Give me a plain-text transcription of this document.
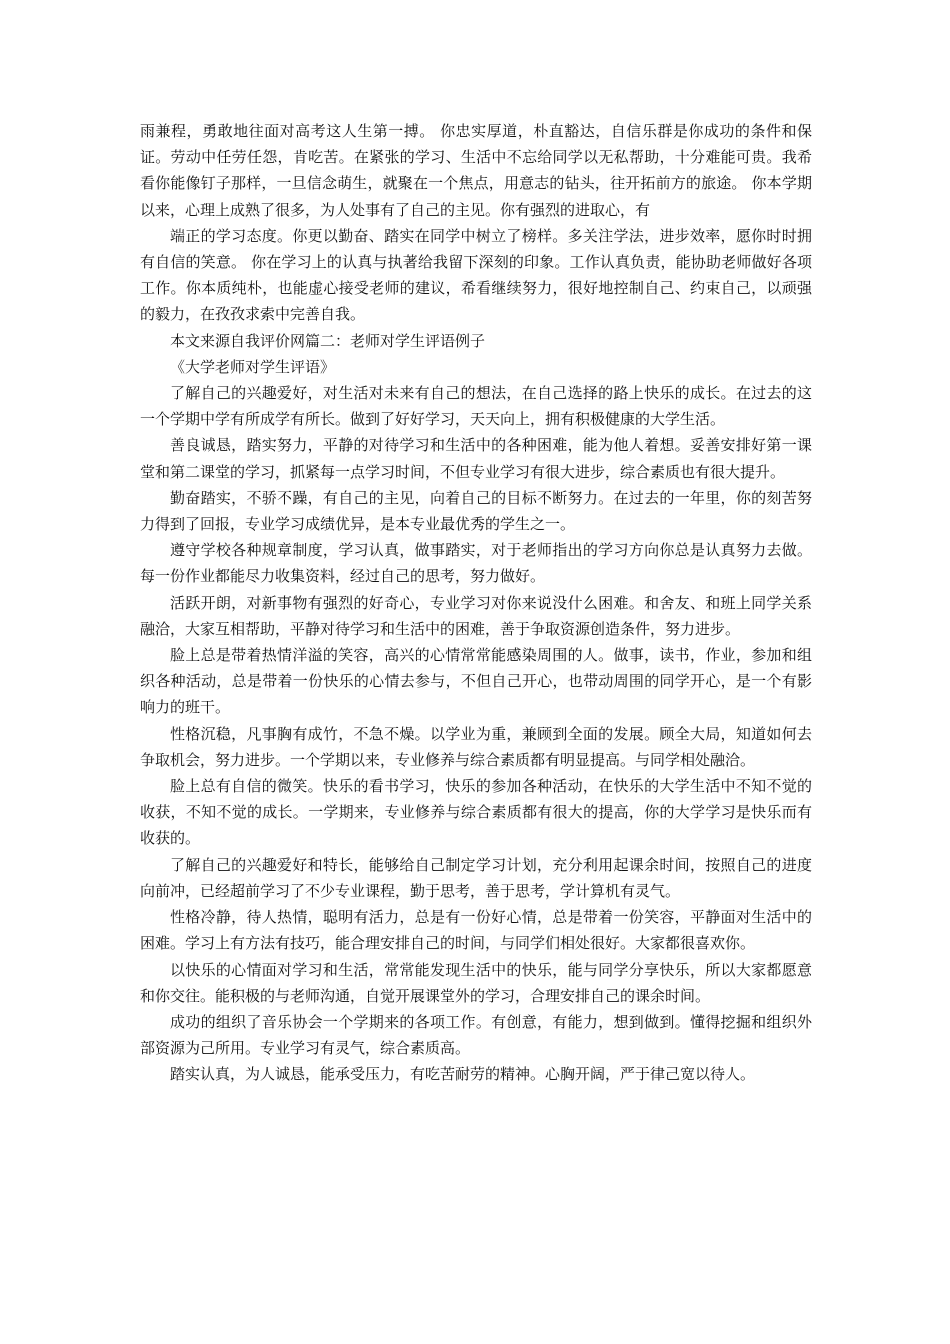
雨兼程，勇敢地往面对高考这人生第一搏。 你忠实厚道，朴直豁达，自信乐群是你成功的条件和保证。劳动中任劳任怨，肯吃苦。在紧张的学习、生活中不忘给同学以无私帮助，十分难能可贵。我希看你能像钉子那样，一旦信念萌生，就聚在一个焦点，用意志的钻头，往开拓前方的旅途。 你本学期以来，心理上成熟了很多，为人处事有了自己的主见。你有强烈的进取心，有

端正的学习态度。你更以勤奋、踏实在同学中树立了榜样。多关注学法，进步效率，愿你时时拥有自信的笑意。 你在学习上的认真与执著给我留下深刻的印象。工作认真负责，能协助老师做好各项工作。你本质纯朴，也能虚心接受老师的建议，希看继续努力，很好地控制自己、约束自己，以顽强的毅力，在孜孜求索中完善自我。

本文来源自我评价网篇二：老师对学生评语例子

《大学老师对学生评语》

了解自己的兴趣爱好，对生活对未来有自己的想法，在自己选择的路上快乐的成长。在过去的这一个学期中学有所成学有所长。做到了好好学习，天天向上，拥有积极健康的大学生活。

善良诚恳，踏实努力，平静的对待学习和生活中的各种困难，能为他人着想。妥善安排好第一课堂和第二课堂的学习，抓紧每一点学习时间，不但专业学习有很大进步，综合素质也有很大提升。

勤奋踏实，不骄不躁，有自己的主见，向着自己的目标不断努力。在过去的一年里，你的刻苦努力得到了回报，专业学习成绩优异，是本专业最优秀的学生之一。

遵守学校各种规章制度，学习认真，做事踏实，对于老师指出的学习方向你总是认真努力去做。每一份作业都能尽力收集资料，经过自己的思考，努力做好。

活跃开朗，对新事物有强烈的好奇心，专业学习对你来说没什么困难。和舍友、和班上同学关系融洽，大家互相帮助，平静对待学习和生活中的困难，善于争取资源创造条件，努力进步。

脸上总是带着热情洋溢的笑容，高兴的心情常常能感染周围的人。做事，读书，作业，参加和组织各种活动，总是带着一份快乐的心情去参与，不但自己开心，也带动周围的同学开心，是一个有影响力的班干。

性格沉稳，凡事胸有成竹，不急不燥。以学业为重，兼顾到全面的发展。顾全大局，知道如何去争取机会，努力进步。一个学期以来，专业修养与综合素质都有明显提高。与同学相处融洽。

脸上总有自信的微笑。快乐的看书学习，快乐的参加各种活动，在快乐的大学生活中不知不觉的收获，不知不觉的成长。一学期来，专业修养与综合素质都有很大的提高，你的大学学习是快乐而有收获的。

了解自己的兴趣爱好和特长，能够给自己制定学习计划，充分利用起课余时间，按照自己的进度向前冲，已经超前学习了不少专业课程，勤于思考，善于思考，学计算机有灵气。

性格冷静，待人热情，聪明有活力，总是有一份好心情，总是带着一份笑容，平静面对生活中的困难。学习上有方法有技巧，能合理安排自己的时间，与同学们相处很好。大家都很喜欢你。

以快乐的心情面对学习和生活，常常能发现生活中的快乐，能与同学分享快乐，所以大家都愿意和你交往。能积极的与老师沟通，自觉开展课堂外的学习，合理安排自己的课余时间。

成功的组织了音乐协会一个学期来的各项工作。有创意，有能力，想到做到。懂得挖掘和组织外部资源为己所用。专业学习有灵气，综合素质高。

踏实认真，为人诚恳，能承受压力，有吃苦耐劳的精神。心胸开阔，严于律己宽以待人。
